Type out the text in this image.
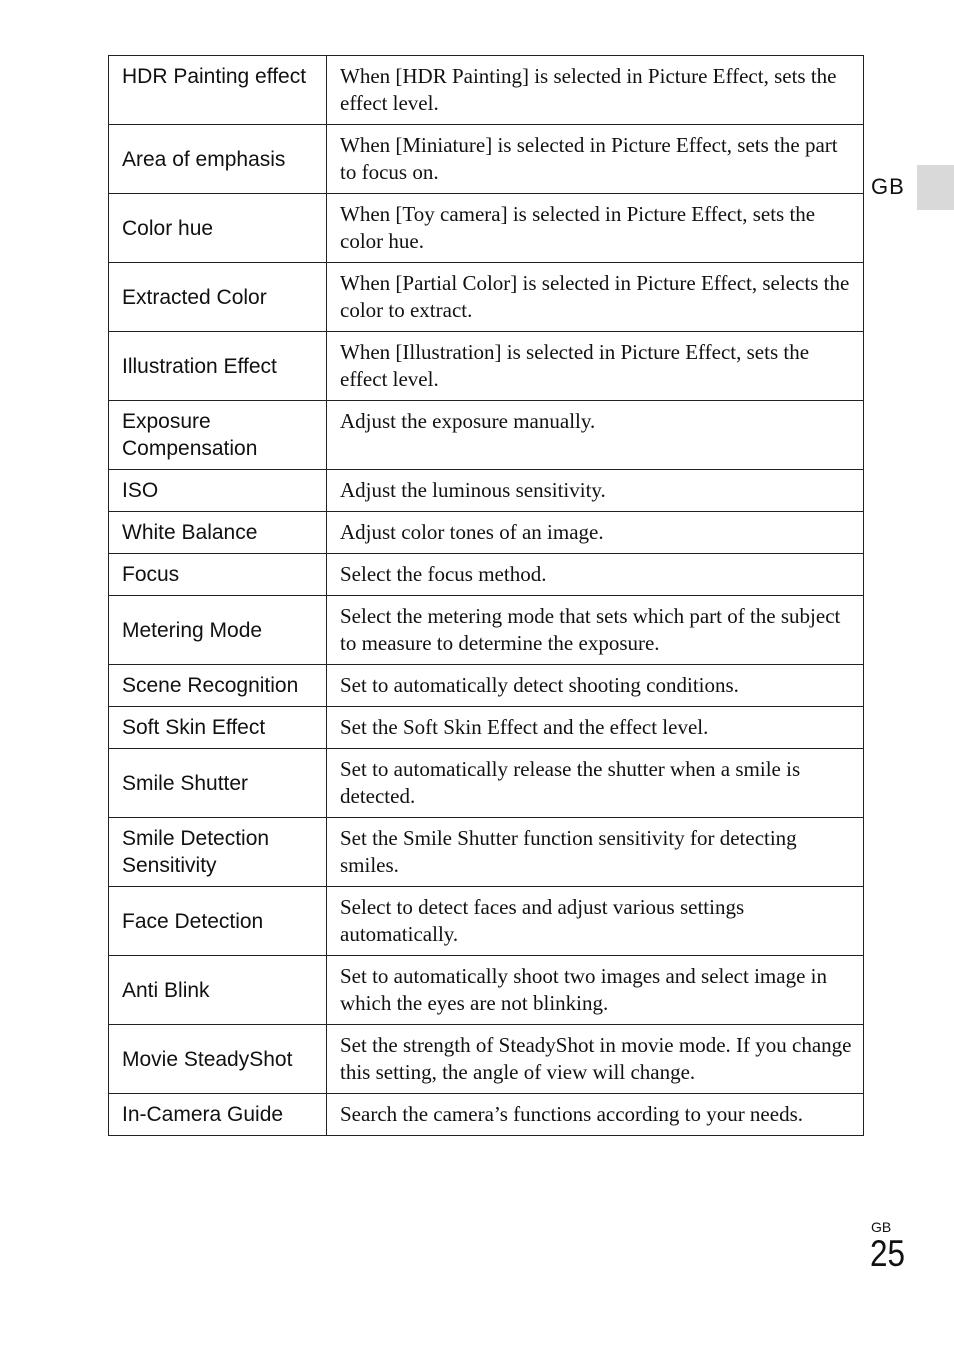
GB
HDR Painting effect	When [HDR Painting] is selected in Picture Effect, sets the effect level.
Area of emphasis	When [Miniature] is selected in Picture Effect, sets the part to focus on.
Color hue	When [Toy camera] is selected in Picture Effect, sets the color hue.
Extracted Color	When [Partial Color] is selected in Picture Effect, selects the color to extract.
Illustration Effect	When [Illustration] is selected in Picture Effect, sets the effect level.
Exposure Compensation	Adjust the exposure manually.
ISO	Adjust the luminous sensitivity.
White Balance	Adjust color tones of an image.
Focus	Select the focus method.
Metering Mode	Select the metering mode that sets which part of the subject to measure to determine the exposure.
Scene Recognition	Set to automatically detect shooting conditions.
Soft Skin Effect	Set the Soft Skin Effect and the effect level.
Smile Shutter	Set to automatically release the shutter when a smile is detected.
Smile Detection Sensitivity	Set the Smile Shutter function sensitivity for detecting smiles.
Face Detection	Select to detect faces and adjust various settings automatically.
Anti Blink	Set to automatically shoot two images and select image in which the eyes are not blinking.
Movie SteadyShot	Set the strength of SteadyShot in movie mode. If you change this setting, the angle of view will change.
In-Camera Guide	Search the camera’s functions according to your needs.
GB
25
